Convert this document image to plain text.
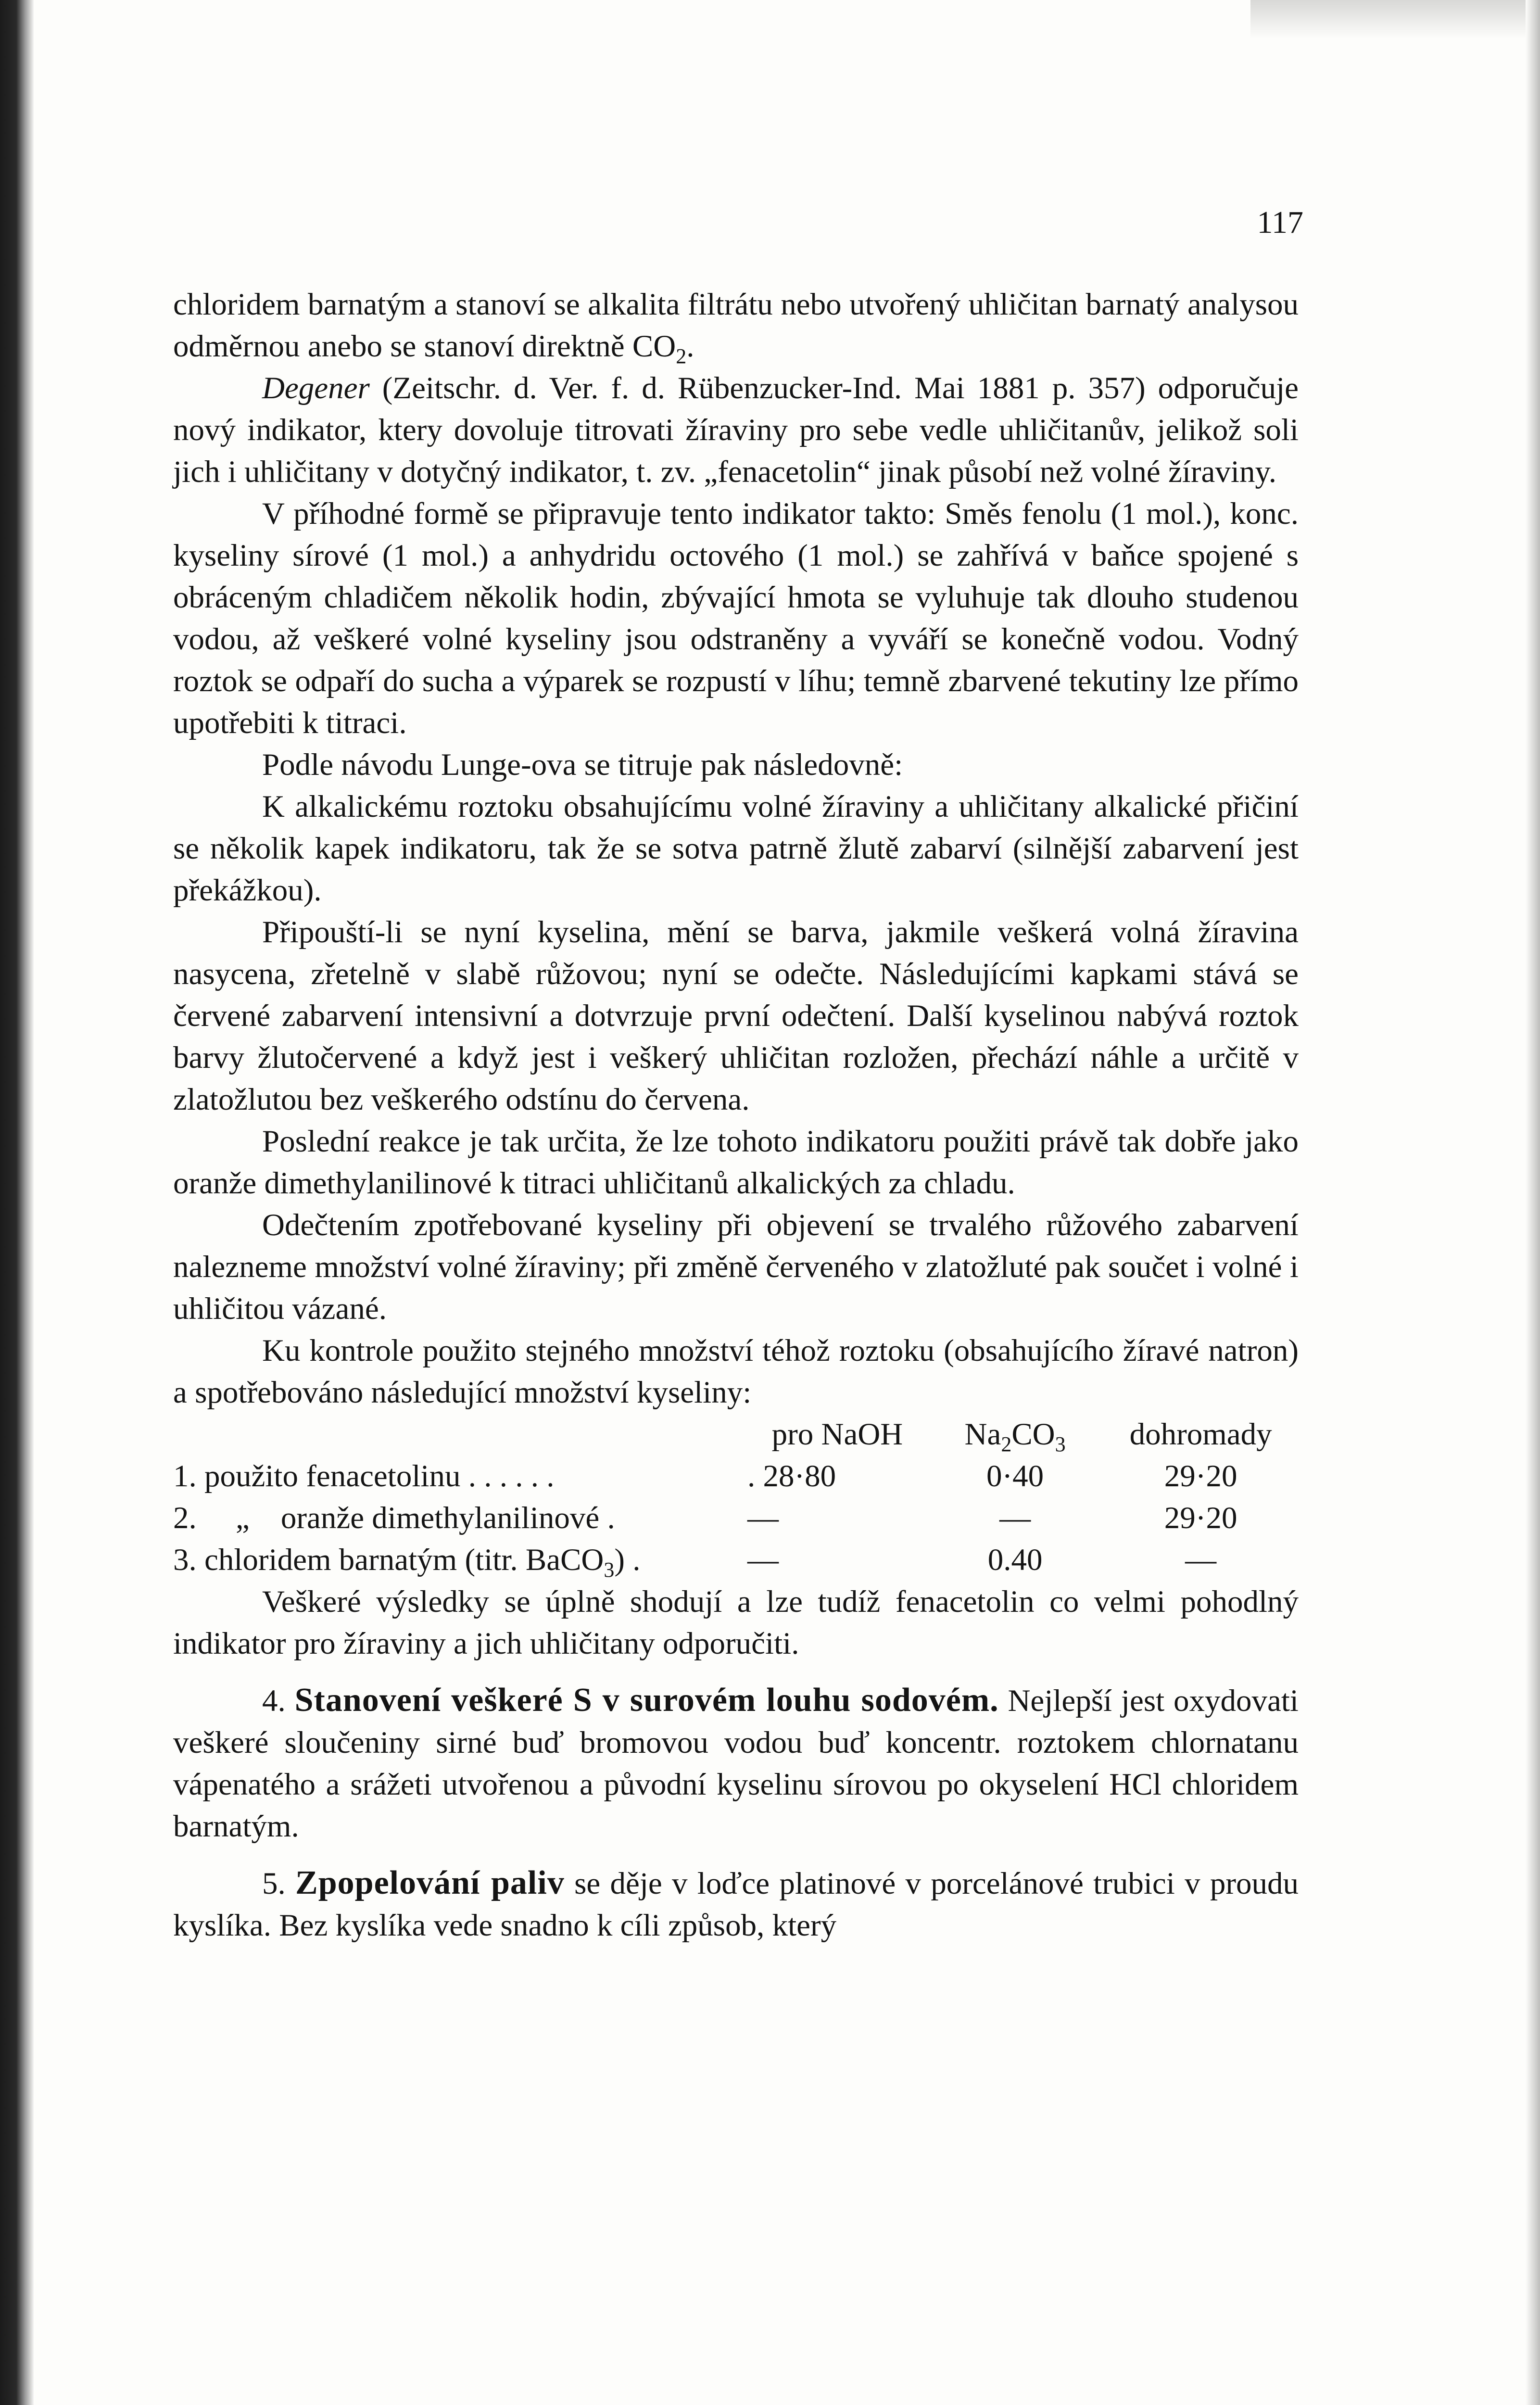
117

chloridem barnatým a stanoví se alkalita filtrátu nebo utvořený uhličitan barnatý analysou odměrnou anebo se stanoví direktně $CO_2$.

Degener (Zeitschr. d. Ver. f. d. Rübenzucker-Ind. Mai 1881 p. 357) odporučuje nový indikator, ktery dovoluje titrovati žíraviny pro sebe vedle uhličitanův, jelikož soli jich i uhličitany v dotyčný indikator, t. zv. „fenacetolin“ jinak působí než volné žíraviny.

V příhodné formě se připravuje tento indikator takto: Směs fenolu (1 mol.), konc. kyseliny sírové (1 mol.) a anhydridu octového (1 mol.) se zahřívá v baňce spojené s obráceným chladičem několik hodin, zbývající hmota se vyluhuje tak dlouho studenou vodou, až veškeré volné kyseliny jsou odstraněny a vyváří se konečně vodou. Vodný roztok se odpaří do sucha a výparek se rozpustí v líhu; temně zbarvené tekutiny lze přímo upotřebiti k titraci.

Podle návodu Lunge-ova se titruje pak následovně:

K alkalickému roztoku obsahujícímu volné žíraviny a uhličitany alkalické přičiní se několik kapek indikatoru, tak že se sotva patrně žlutě zabarví (silnější zabarvení jest překážkou).

Připouští-li se nyní kyselina, mění se barva, jakmile veškerá volná žíravina nasycena, zřetelně v slabě růžovou; nyní se odečte. Následujícími kapkami stává se červené zabarvení intensivní a dotvrzuje první odečtení. Další kyselinou nabývá roztok barvy žlutočervené a když jest i veškerý uhličitan rozložen, přechází náhle a určitě v zlatožlutou bez veškerého odstínu do červena.

Poslední reakce je tak určita, že lze tohoto indikatoru použiti právě tak dobře jako oranže dimethylanilinové k titraci uhličitanů alkalických za chladu.

Odečtením zpotřebované kyseliny při objevení se trvalého růžového zabarvení nalezneme množství volné žíraviny; při změně červeného v zlatožluté pak součet i volné i uhličitou vázané.

Ku kontrole použito stejného množství téhož roztoku (obsahujícího žíravé natron) a spotřebováno následující množství kyseliny:

	pro NaOH	$Na_2CO_3$	dohromady
1. použito fenacetolinu . . . . . .	. 28·80	0·40	29·20
2.     „    oranže dimethylanilinové .	—	—	29·20
3. chloridem barnatým (titr. BaCO$_3$) .	—	0.40	—

Veškeré výsledky se úplně shodují a lze tudíž fenacetolin co velmi pohodlný indikator pro žíraviny a jich uhličitany odporučiti.

4. Stanovení veškeré S v surovém louhu sodovém. Nejlepší jest oxydovati veškeré sloučeniny sirné buď bromovou vodou buď koncentr. roztokem chlornatanu vápenatého a srážeti utvořenou a původní kyselinu sírovou po okyselení HCl chloridem barnatým.

5. Zpopelování paliv se děje v loďce platinové v porcelánové trubici v proudu kyslíka. Bez kyslíka vede snadno k cíli způsob, který
